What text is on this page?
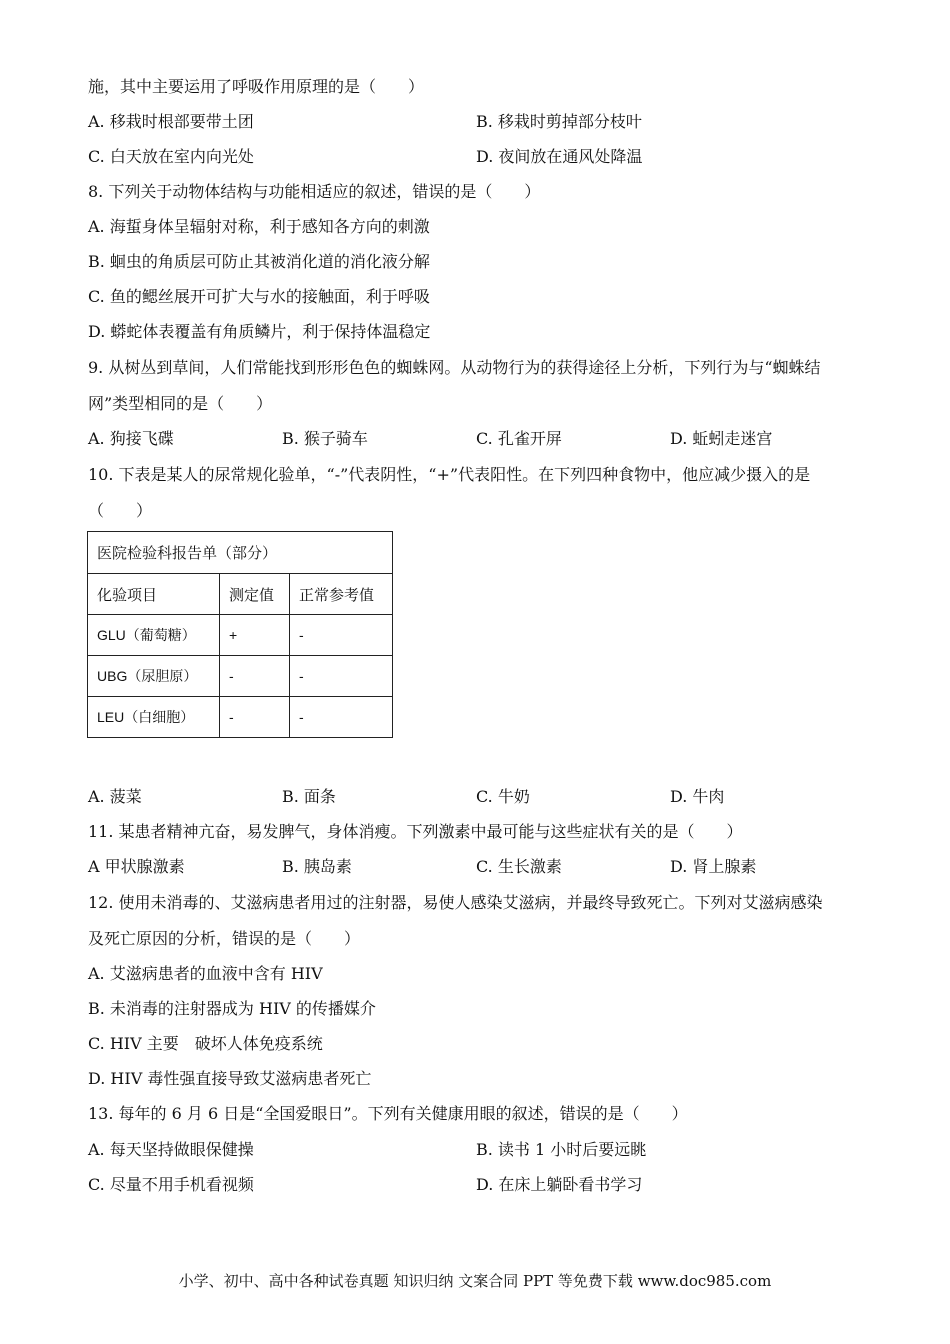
施，其中主要运用了呼吸作用原理的是（　　）
A. 移栽时根部要带土团	B. 移栽时剪掉部分枝叶
C. 白天放在室内向光处	D. 夜间放在通风处降温
8. 下列关于动物体结构与功能相适应的叙述，错误的是（　　）
A. 海蜇身体呈辐射对称，利于感知各方向的刺激
B. 蛔虫的角质层可防止其被消化道的消化液分解
C. 鱼的鳃丝展开可扩大与水的接触面，利于呼吸
D. 蟒蛇体表覆盖有角质鳞片，利于保持体温稳定
9. 从树丛到草间，人们常能找到形形色色的蜘蛛网。从动物行为的获得途径上分析，下列行为与“蜘蛛结
网”类型相同的是（　　）
A. 狗接飞碟	B. 猴子骑车	C. 孔雀开屏	D. 蚯蚓走迷宫
10. 下表是某人的尿常规化验单，“-”代表阴性，“+”代表阳性。在下列四种食物中，他应减少摄入的是
（　　）
医院检验科报告单（部分）		
化验项目	测定值	正常参考值
GLU（葡萄糖）	+	-
UBG（尿胆原）	-	-
LEU（白细胞）	-	-
A. 菠菜	B. 面条	C. 牛奶	D. 牛肉
11. 某患者精神亢奋，易发脾气，身体消瘦。下列激素中最可能与这些症状有关的是（　　）
A 甲状腺激素	B. 胰岛素	C. 生长激素	D. 肾上腺素
12. 使用未消毒的、艾滋病患者用过的注射器，易使人感染艾滋病，并最终导致死亡。下列对艾滋病感染
及死亡原因的分析，错误的是（　　）
A. 艾滋病患者的血液中含有 HIV
B. 未消毒的注射器成为 HIV 的传播媒介
C. HIV 主要　破坏人体免疫系统
D. HIV 毒性强直接导致艾滋病患者死亡
13. 每年的 6 月 6 日是“全国爱眼日”。下列有关健康用眼的叙述，错误的是（　　）
A. 每天坚持做眼保健操	B. 读书 1 小时后要远眺
C. 尽量不用手机看视频	D. 在床上躺卧看书学习
小学、初中、高中各种试卷真题 知识归纳 文案合同 PPT 等免费下载 www.doc985.com
